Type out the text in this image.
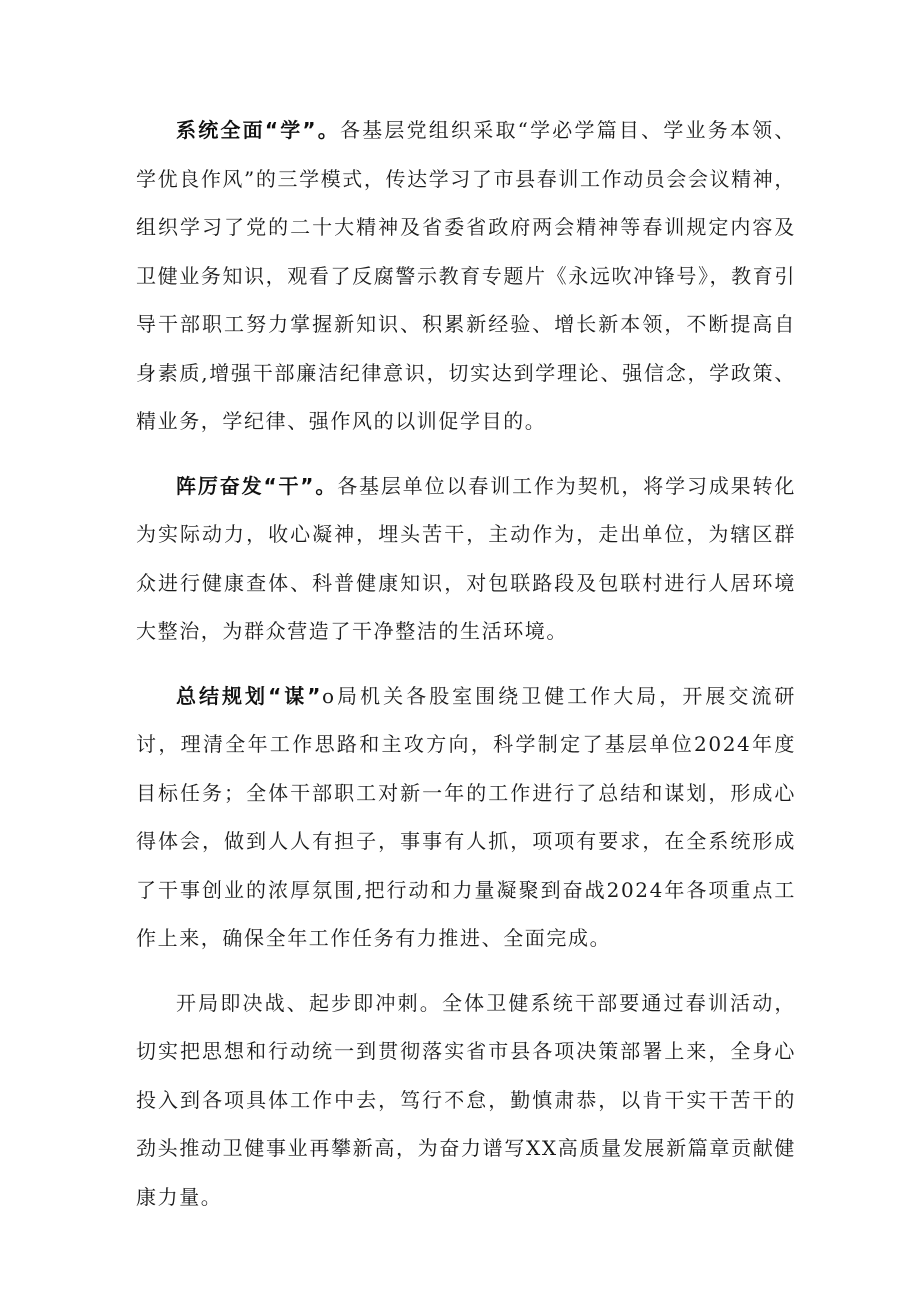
系统全面“学”。各基层党组织采取“学必学篇目、学业务本领、学优良作风”的三学模式，传达学习了市县春训工作动员会会议精神，组织学习了党的二十大精神及省委省政府两会精神等春训规定内容及卫健业务知识，观看了反腐警示教育专题片《永远吹冲锋号》，教育引导干部职工努力掌握新知识、积累新经验、增长新本领，不断提高自身素质,增强干部廉洁纪律意识，切实达到学理论、强信念，学政策、精业务，学纪律、强作风的以训促学目的。

阵厉奋发“干”。各基层单位以春训工作为契机，将学习成果转化为实际动力，收心凝神，埋头苦干，主动作为，走出单位，为辖区群众进行健康查体、科普健康知识，对包联路段及包联村进行人居环境大整治，为群众营造了干净整洁的生活环境。

总结规划“谋”o局机关各股室围绕卫健工作大局，开展交流研讨，理清全年工作思路和主攻方向，科学制定了基层单位2024年度目标任务；全体干部职工对新一年的工作进行了总结和谋划，形成心得体会，做到人人有担子，事事有人抓，项项有要求，在全系统形成了干事创业的浓厚氛围,把行动和力量凝聚到奋战2024年各项重点工作上来，确保全年工作任务有力推进、全面完成。

开局即决战、起步即冲刺。全体卫健系统干部要通过春训活动，切实把思想和行动统一到贯彻落实省市县各项决策部署上来，全身心投入到各项具体工作中去，笃行不怠，勤慎肃恭，以肯干实干苦干的劲头推动卫健事业再攀新高，为奋力谱写XX高质量发展新篇章贡献健康力量。
